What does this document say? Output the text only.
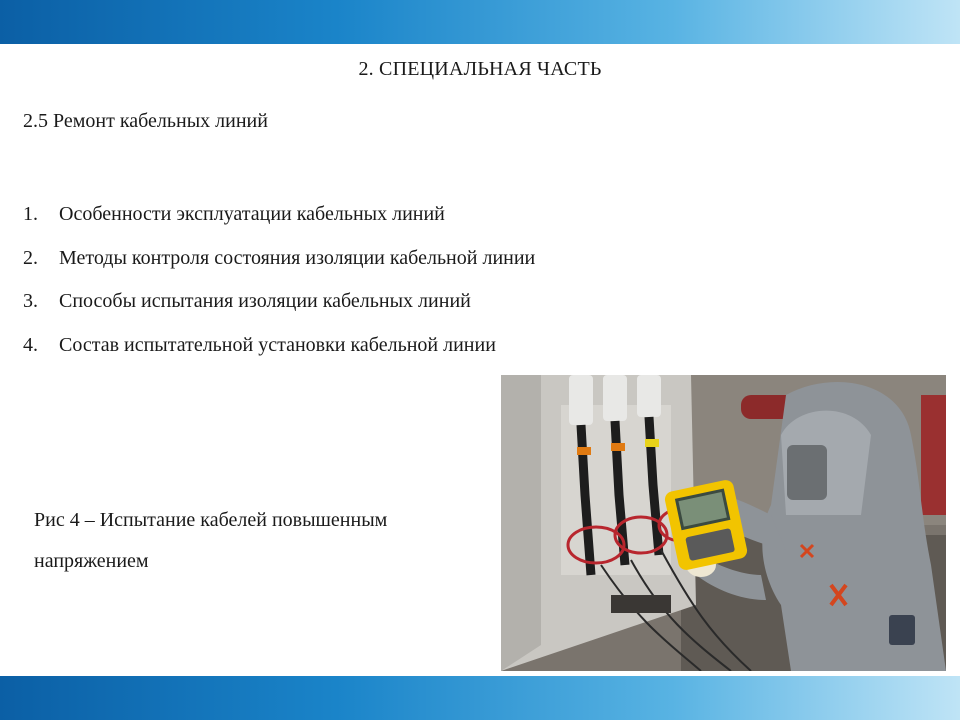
2. СПЕЦИАЛЬНАЯ ЧАСТЬ
2.5 Ремонт кабельных линий
1.	Особенности эксплуатации кабельных линий
2.	Методы контроля состояния изоляции кабельной линии
3.	Способы испытания изоляции кабельных линий
4.	Состав испытательной установки кабельной линии
Рис 4 – Испытание кабелей повышенным
напряжением
